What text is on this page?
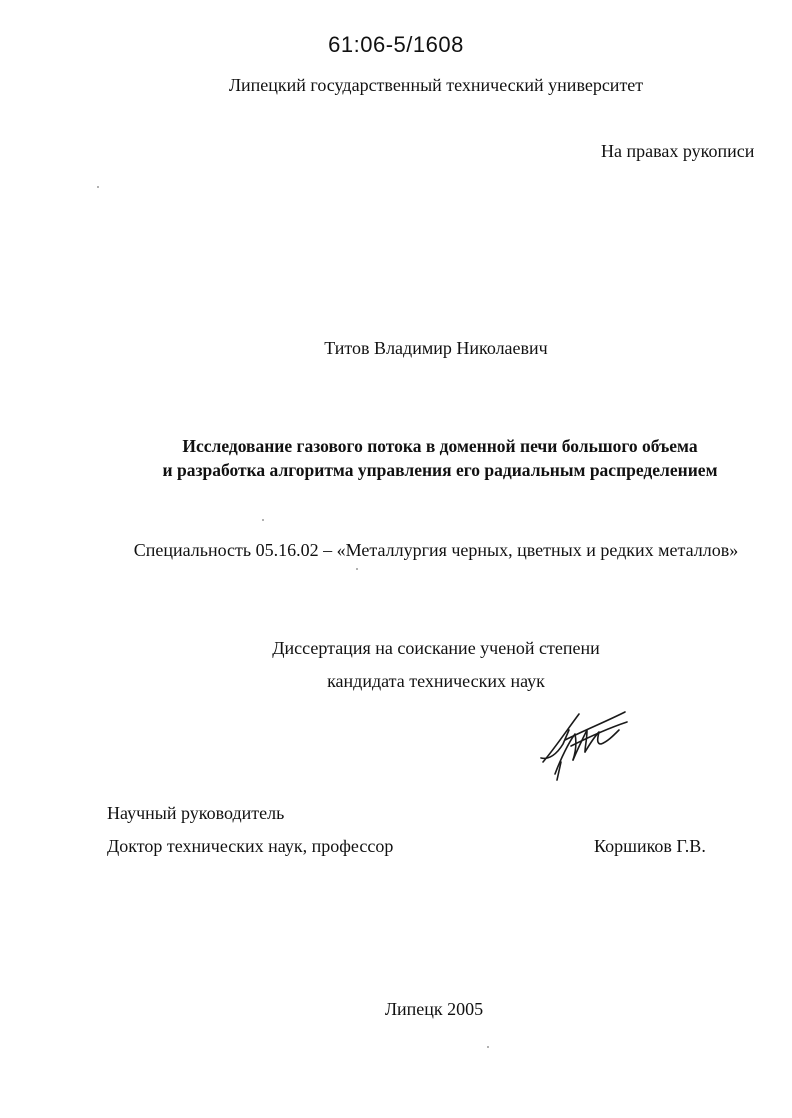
61:06-5/1608
Липецкий государственный технический университет
На правах рукописи
Титов Владимир Николаевич
Исследование газового потока в доменной печи большого объема
и разработка алгоритма управления его радиальным распределением
Специальность 05.16.02 – «Металлургия черных, цветных и редких металлов»
Диссертация на соискание ученой степени
кандидата технических наук
Научный руководитель
Доктор технических наук, профессор	Коршиков Г.В.
Липецк 2005
